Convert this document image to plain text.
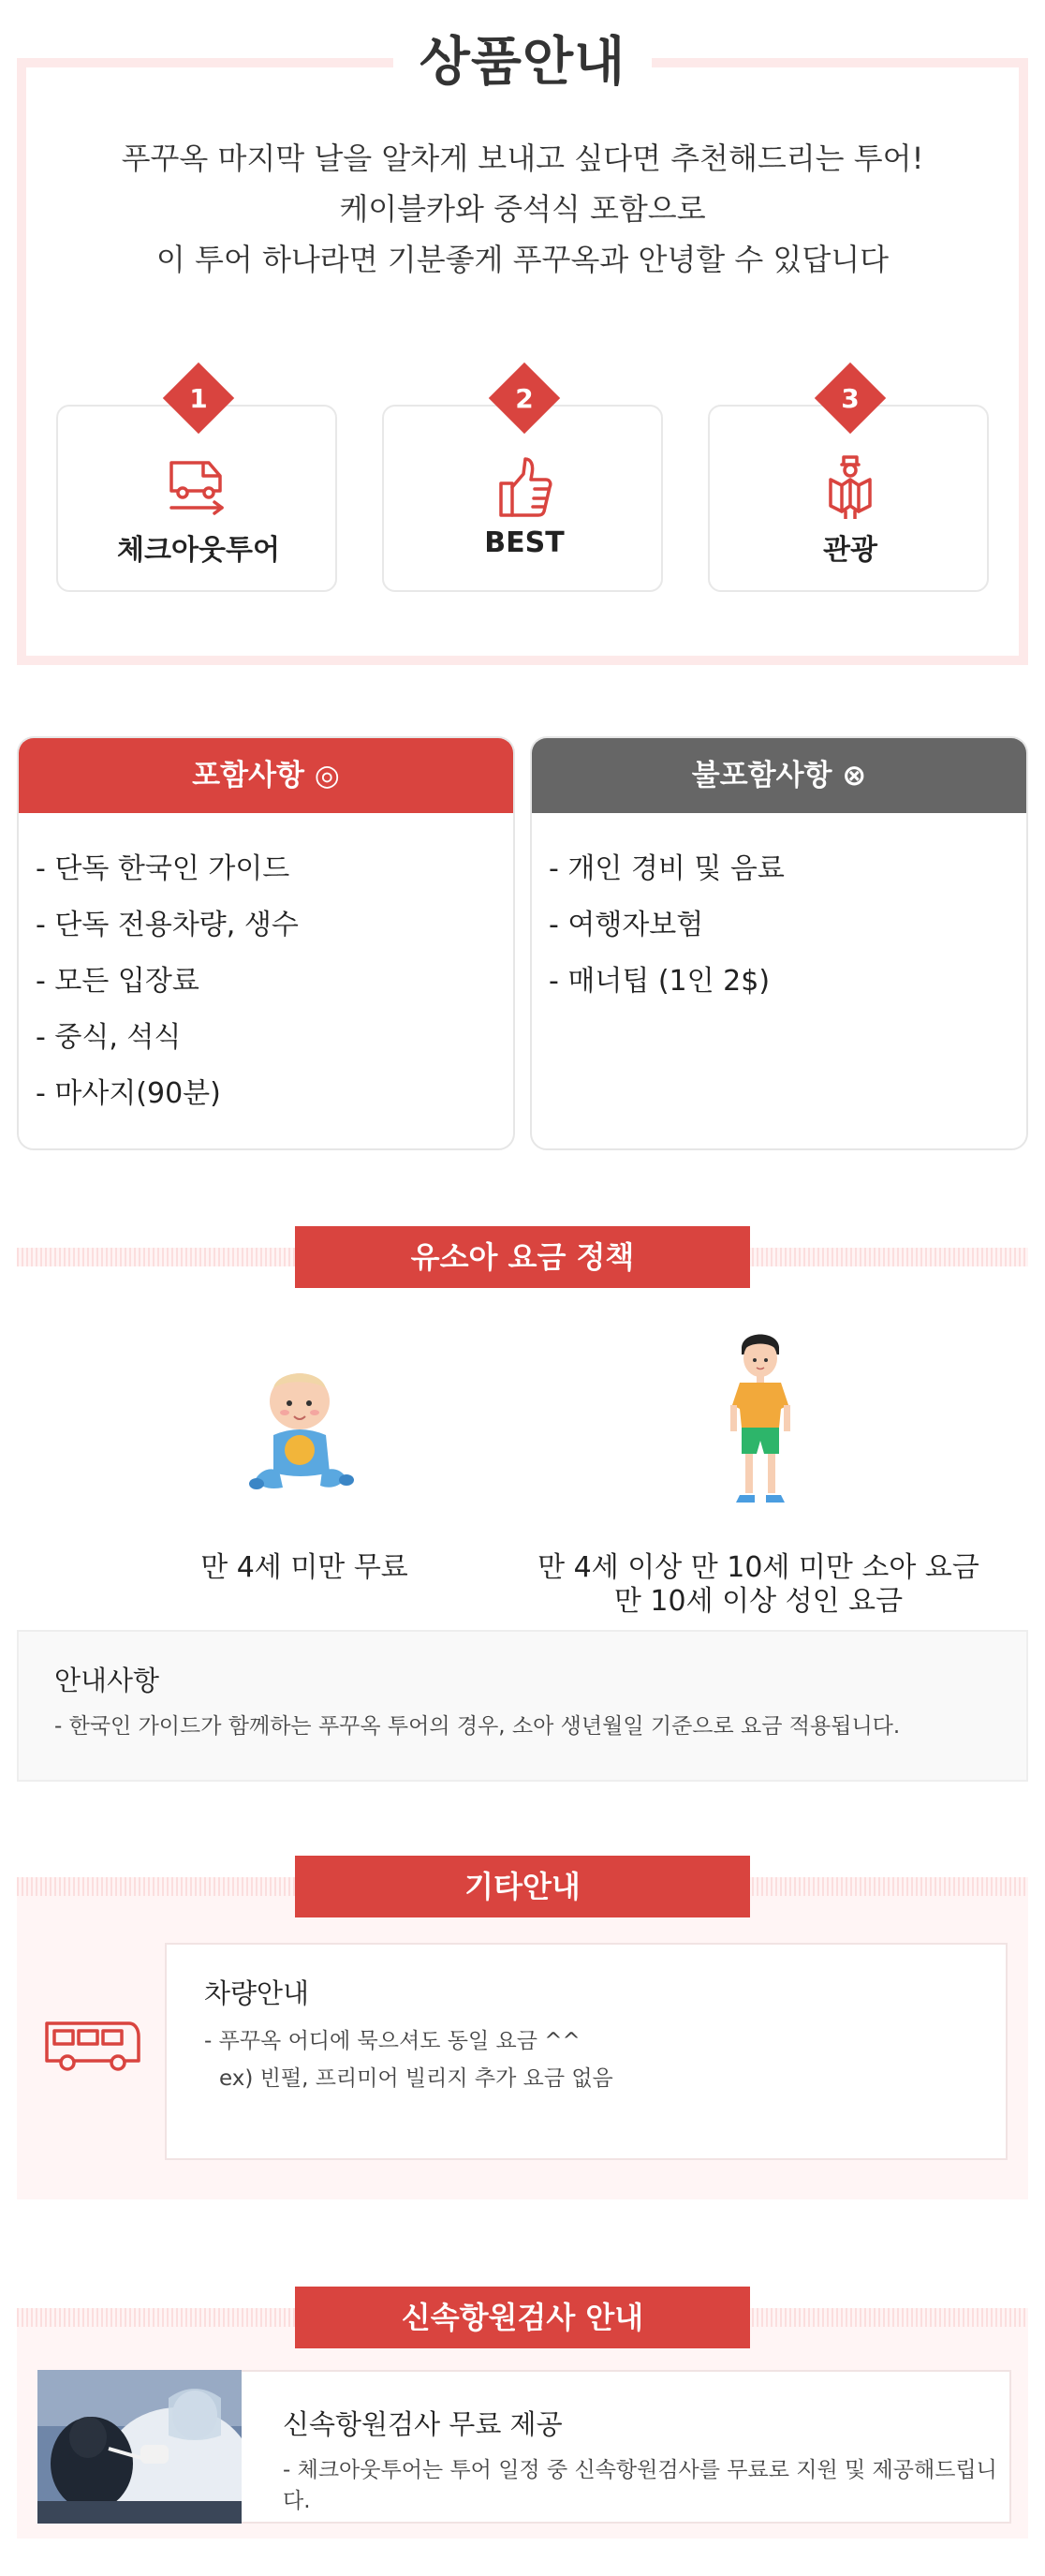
상품안내
푸꾸옥 마지막 날을 알차게 보내고 싶다면 추천해드리는 투어!
케이블카와 중석식 포함으로
이 투어 하나라면 기분좋게 푸꾸옥과 안녕할 수 있답니다
1
체크아웃투어
2
BEST
3
관광
포함사항 ◎
- 단독 한국인 가이드
- 단독 전용차량, 생수
- 모든 입장료
- 중식, 석식
- 마사지(90분)
불포함사항 ⊗
- 개인 경비 및 음료
- 여행자보험
- 매너팁 (1인 2$)
유소아 요금 정책
만 4세 미만 무료	만 4세 이상 만 10세 미만 소아 요금
만 10세 이상 성인 요금
안내사항
- 한국인 가이드가 함께하는 푸꾸옥 투어의 경우, 소아 생년월일 기준으로 요금 적용됩니다.
기타안내
차량안내
- 푸꾸옥 어디에 묵으셔도 동일 요금 ^^
ex) 빈펄, 프리미어 빌리지 추가 요금 없음
신속항원검사 안내
신속항원검사 무료 제공
- 체크아웃투어는 투어 일정 중 신속항원검사를 무료로 지원 및 제공해드립니다.
